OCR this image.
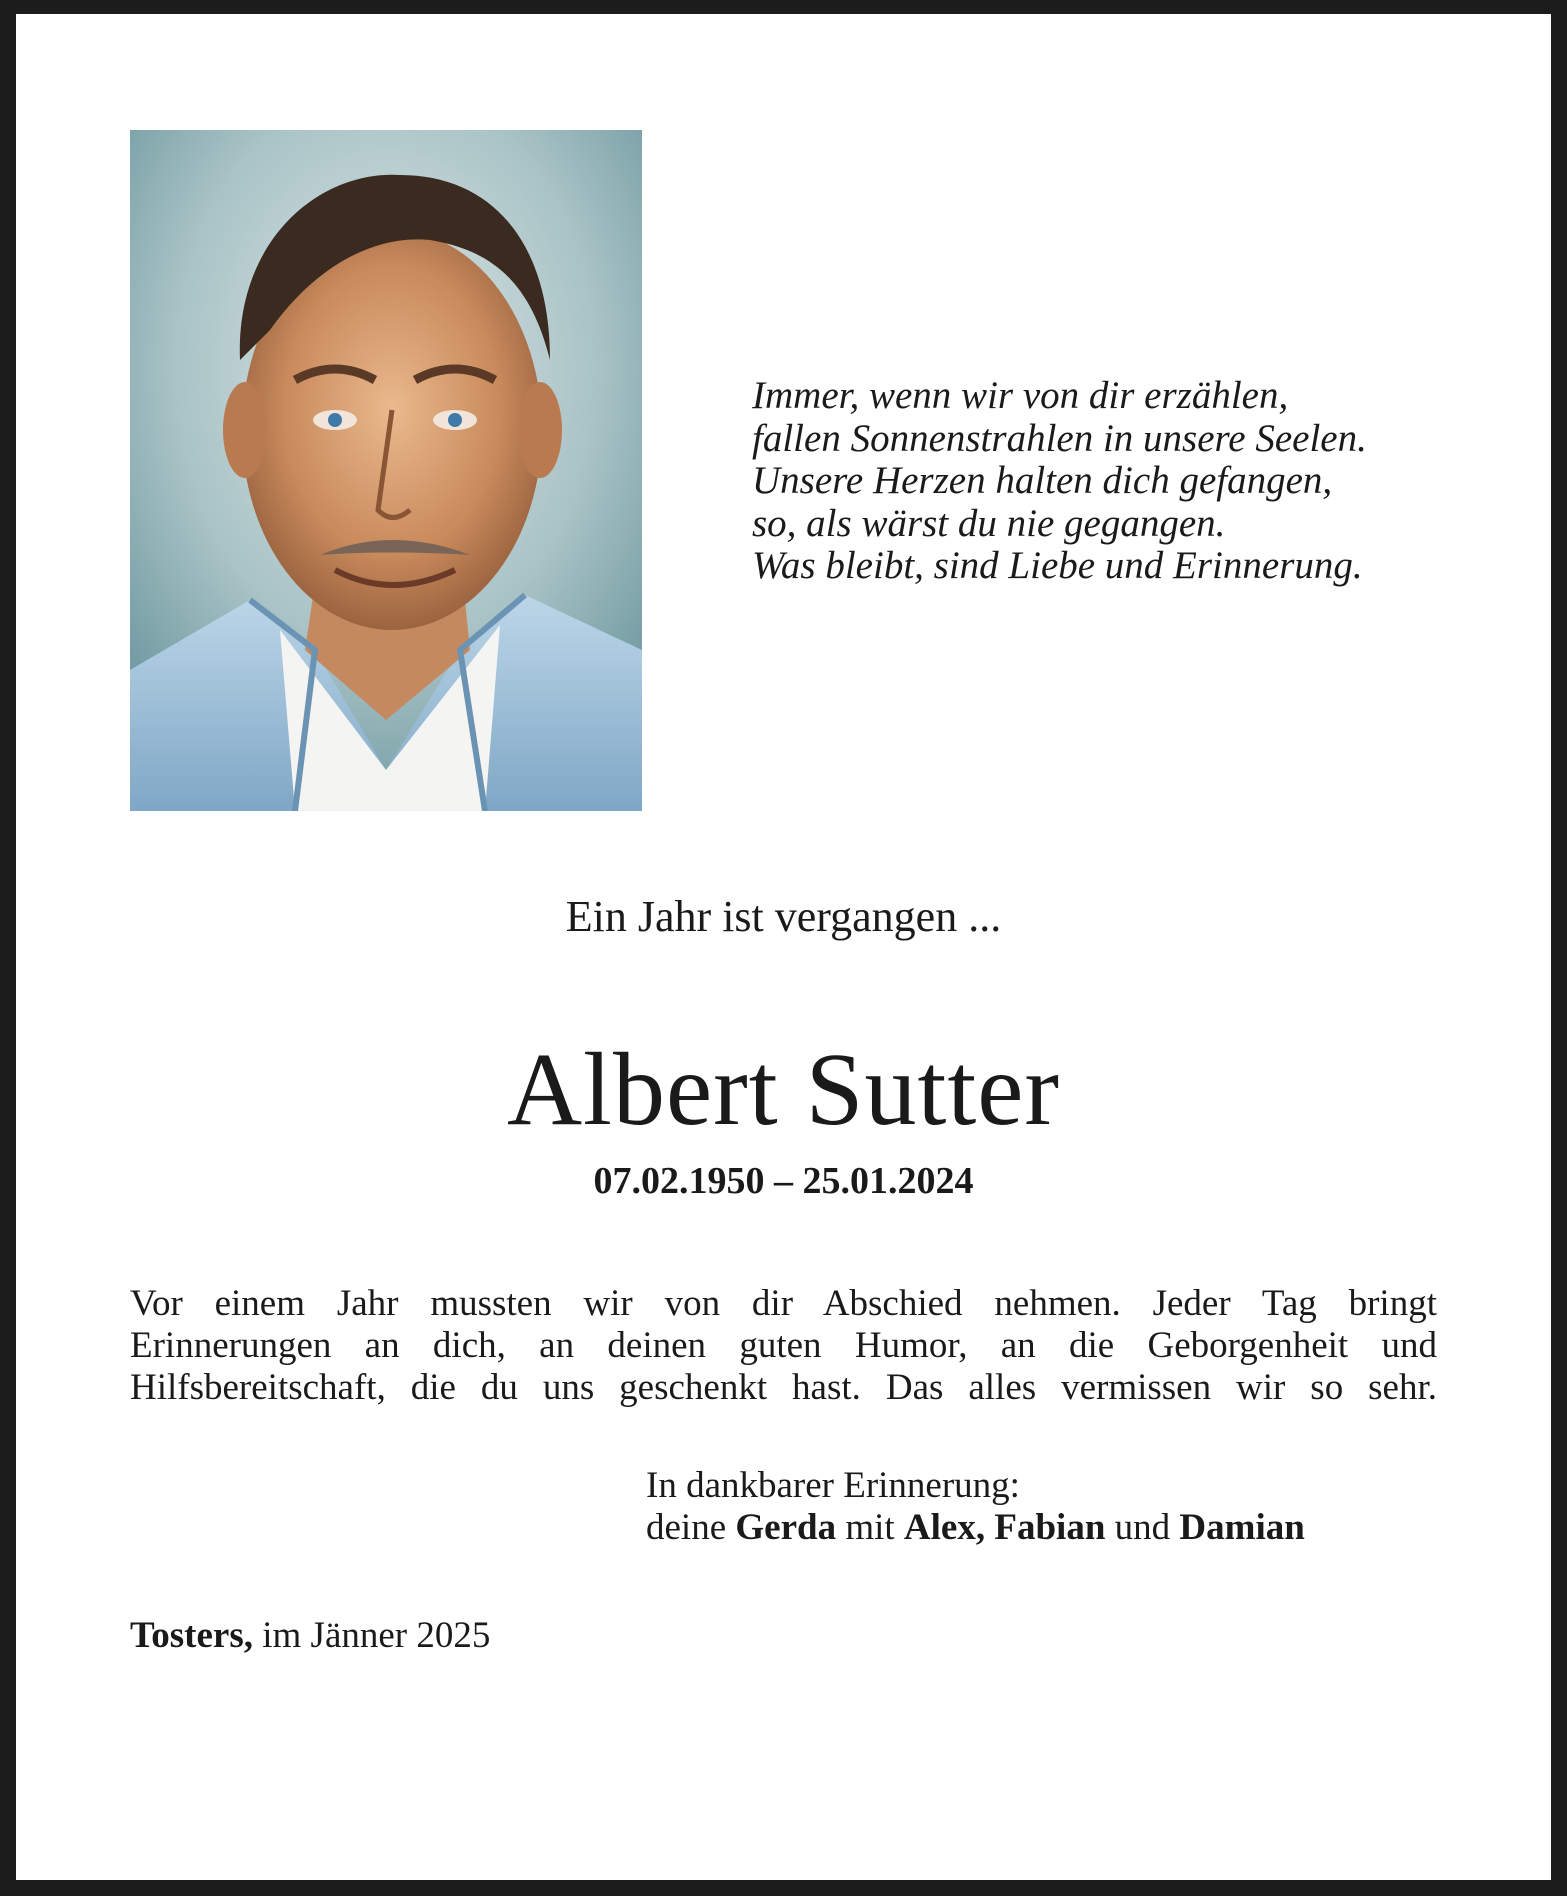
Immer, wenn wir von dir erzählen,
fallen Sonnenstrahlen in unsere Seelen.
Unsere Herzen halten dich gefangen,
so, als wärst du nie gegangen.
Was bleibt, sind Liebe und Erinnerung.
Ein Jahr ist vergangen ...
Albert Sutter
07.02.1950 – 25.01.2024
Vor einem Jahr mussten wir von dir Abschied nehmen. Jeder Tag bringt
Erinnerungen an dich, an deinen guten Humor, an die Geborgenheit und
Hilfsbereitschaft, die du uns geschenkt hast. Das alles vermissen wir so sehr.
In dankbarer Erinnerung:
deine Gerda mit Alex, Fabian und Damian
Tosters, im Jänner 2025
